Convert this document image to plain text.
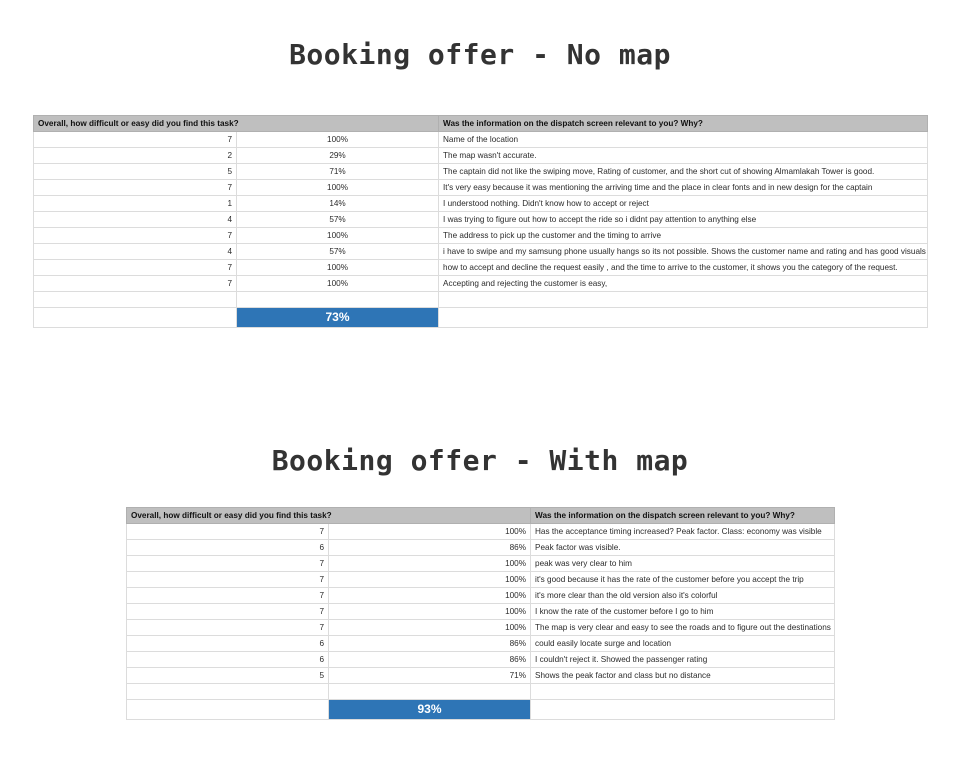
Booking offer - No map
Overall, how difficult or easy did you find this task?		Was the information on the dispatch screen relevant to you? Why?
7	100%	Name of the location
2	29%	The map wasn't accurate.
5	71%	The captain did not like the swiping move, Rating of customer, and the short cut of showing Almamlakah Tower is good.
7	100%	It's very easy because it was mentioning the arriving time and the place in clear fonts and in new design for the captain
1	14%	I understood nothing. Didn't know how to accept or reject
4	57%	I was trying to figure out how to accept the ride so i didnt pay attention to anything else
7	100%	The address to pick up the customer and the timing to arrive
4	57%	i have to swipe and my samsung phone usually hangs so its not possible. Shows the customer name and rating and has good visuals
7	100%	how to accept and decline the request easily , and the time to arrive to the customer, it shows you the category of the request.
7	100%	Accepting and rejecting the customer is easy,

	73%	
Booking offer - With map
Overall, how difficult or easy did you find this task?		Was the information on the dispatch screen relevant to you? Why?
7	100%	Has the acceptance timing increased? Peak factor. Class: economy was visible
6	86%	Peak factor was visible.
7	100%	peak was very clear to him
7	100%	it's good because it has the rate of the customer before you accept the trip
7	100%	it's more clear than the old version also it's colorful
7	100%	I know the rate of the customer before I go to him
7	100%	The map is very clear and easy to see the roads and to figure out the destinations
6	86%	could easily locate surge and location
6	86%	I couldn't reject it. Showed the passenger rating
5	71%	Shows the peak factor and class but no distance

	93%	
